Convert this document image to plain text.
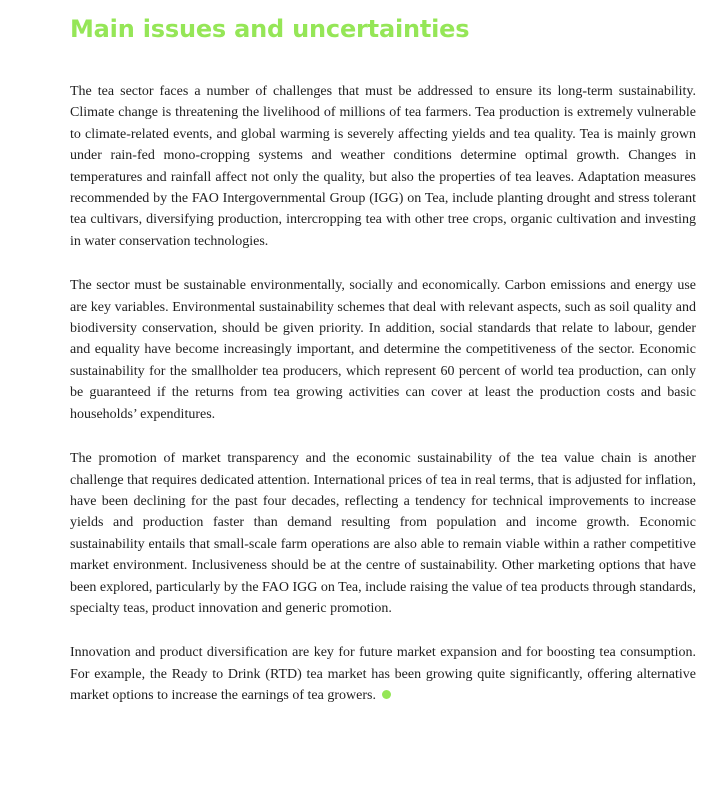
Main issues and uncertainties

The tea sector faces a number of challenges that must be addressed to ensure its long-term sustainability. Climate change is threatening the livelihood of millions of tea farmers. Tea production is extremely vulnerable to climate-related events, and global warming is severely affecting yields and tea quality. Tea is mainly grown under rain-fed mono-cropping systems and weather conditions determine optimal growth. Changes in temperatures and rainfall affect not only the quality, but also the properties of tea leaves. Adaptation measures recommended by the FAO Intergovernmental Group (IGG) on Tea, include planting drought and stress tolerant tea cultivars, diversifying production, intercropping tea with other tree crops, organic cultivation and investing in water conservation technologies.

The sector must be sustainable environmentally, socially and economically. Carbon emissions and energy use are key variables. Environmental sustainability schemes that deal with relevant aspects, such as soil quality and biodiversity conservation, should be given priority. In addition, social standards that relate to labour, gender and equality have become increasingly important, and determine the competitiveness of the sector. Economic sustainability for the smallholder tea producers, which represent 60 percent of world tea production, can only be guaranteed if the returns from tea growing activities can cover at least the production costs and basic households’ expenditures.

The promotion of market transparency and the economic sustainability of the tea value chain is another challenge that requires dedicated attention. International prices of tea in real terms, that is adjusted for inflation, have been declining for the past four decades, reflecting a tendency for technical improvements to increase yields and production faster than demand resulting from population and income growth. Economic sustainability entails that small-scale farm operations are also able to remain viable within a rather competitive market environment. Inclusiveness should be at the centre of sustainability. Other marketing options that have been explored, particularly by the FAO IGG on Tea, include raising the value of tea products through standards, specialty teas, product innovation and generic promotion.

Innovation and product diversification are key for future market expansion and for boosting tea consumption. For example, the Ready to Drink (RTD) tea market has been growing quite significantly, offering alternative market options to increase the earnings of tea growers.
